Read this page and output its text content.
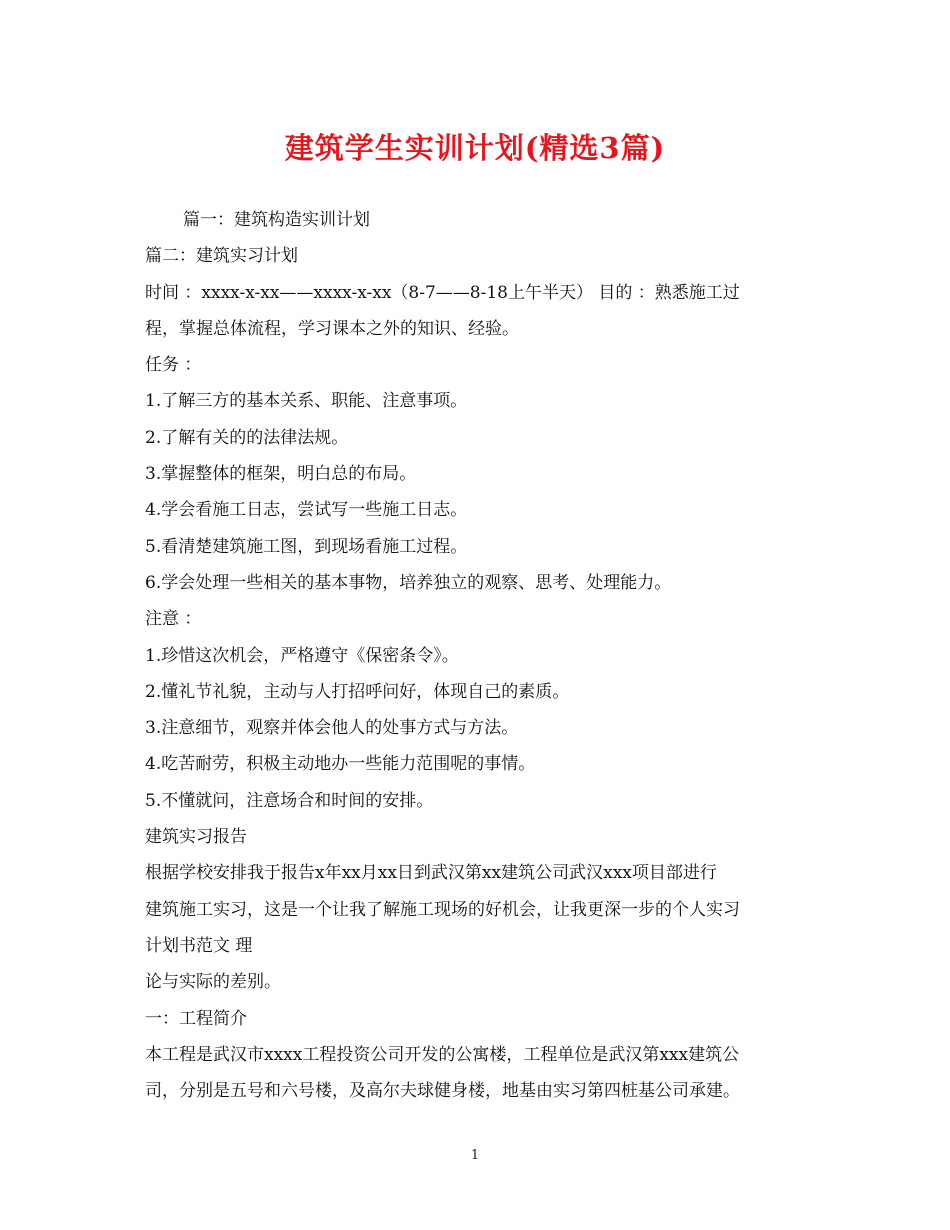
建筑学生实训计划(精选3篇)
篇一：建筑构造实训计划
篇二：建筑实习计划
时间 ：xxxx-x-xx——xxxx-x-xx（8-7——8-18上午半天） 目的 ：熟悉施工过
程，掌握总体流程，学习课本之外的知识、经验。
任务 ：
1.了解三方的基本关系、职能、注意事项。
2.了解有关的的法律法规。
3.掌握整体的框架，明白总的布局。
4.学会看施工日志，尝试写一些施工日志。
5.看清楚建筑施工图，到现场看施工过程。
6.学会处理一些相关的基本事物，培养独立的观察、思考、处理能力。
注意 ：
1.珍惜这次机会，严格遵守《保密条令》。
2.懂礼节礼貌，主动与人打招呼问好，体现自己的素质。
3.注意细节，观察并体会他人的处事方式与方法。
4.吃苦耐劳，积极主动地办一些能力范围呢的事情。
5.不懂就问，注意场合和时间的安排。
建筑实习报告
根据学校安排我于报告x年xx月xx日到武汉第xx建筑公司武汉xxx项目部进行
建筑施工实习，这是一个让我了解施工现场的好机会，让我更深一步的个人实习
计划书范文 理
论与实际的差别。
一：工程简介
本工程是武汉市xxxx工程投资公司开发的公寓楼，工程单位是武汉第xxx建筑公
司，分别是五号和六号楼，及高尔夫球健身楼，地基由实习第四桩基公司承建。
1
